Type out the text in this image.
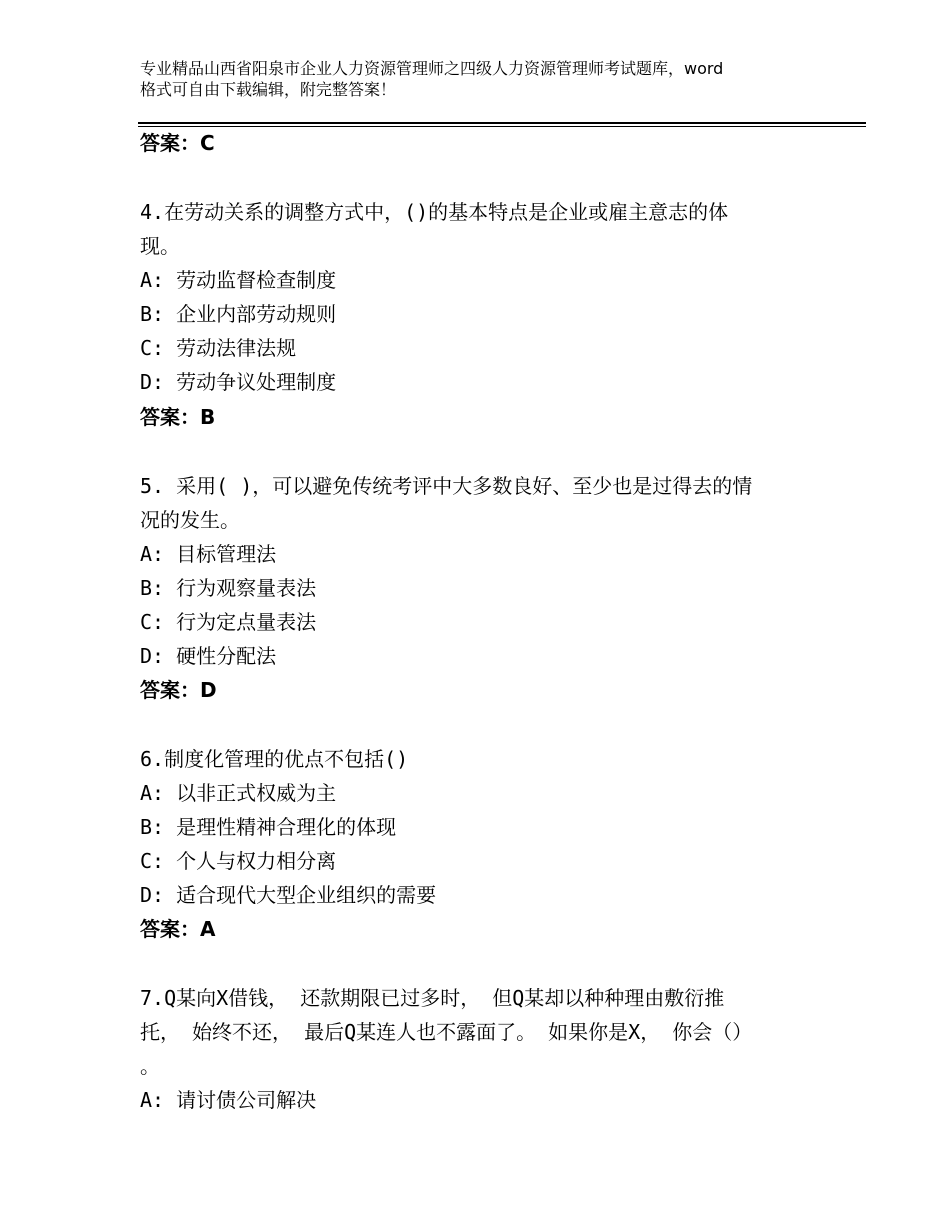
专业精品山西省阳泉市企业人力资源管理师之四级人力资源管理师考试题库，word
格式可自由下载编辑，附完整答案！
答案：C
4.在劳动关系的调整方式中，()的基本特点是企业或雇主意志的体
现。
A: 劳动监督检查制度
B: 企业内部劳动规则
C: 劳动法律法规
D: 劳动争议处理制度
答案：B
5. 采用( )，可以避免传统考评中大多数良好、至少也是过得去的情
况的发生。
A: 目标管理法
B: 行为观察量表法
C: 行为定点量表法
D: 硬性分配法
答案：D
6.制度化管理的优点不包括()
A: 以非正式权威为主
B: 是理性精神合理化的体现
C: 个人与权力相分离
D: 适合现代大型企业组织的需要
答案：A
7.Q某向X借钱， 还款期限已过多时， 但Q某却以种种理由敷衍推
托， 始终不还， 最后Q某连人也不露面了。 如果你是X， 你会（）
。
A: 请讨债公司解决
